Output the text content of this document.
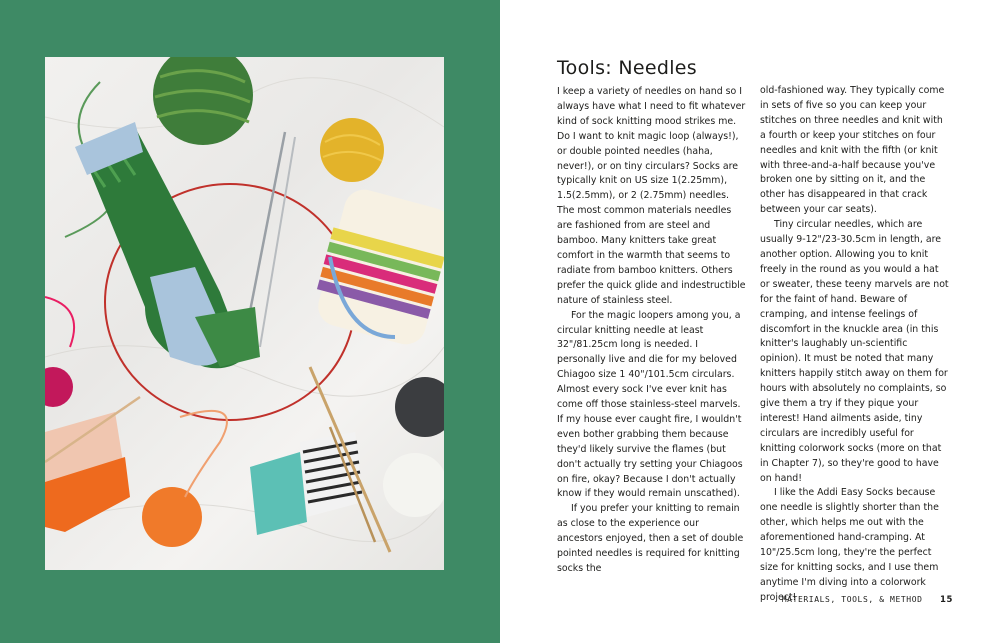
Tools: Needles

I keep a variety of needles on hand so I always have what I need to fit whatever kind of sock knitting mood strikes me. Do I want to knit magic loop (always!), or double pointed needles (haha, never!), or on tiny circulars? Socks are typically knit on US size 1(2.25mm), 1.5(2.5mm), or 2 (2.75mm) needles. The most common materials needles are fashioned from are steel and bamboo. Many knitters take great comfort in the warmth that seems to radiate from bamboo knitters. Others prefer the quick glide and indestructible nature of stainless steel.

For the magic loopers among you, a circular knitting needle at least 32"/81.25cm long is needed. I personally live and die for my beloved Chiagoo size 1 40"/101.5cm circulars. Almost every sock I've ever knit has come off those stainless-steel marvels. If my house ever caught fire, I wouldn't even bother grabbing them because they'd likely survive the flames (but don't actually try setting your Chiagoos on fire, okay? Because I don't actually know if they would remain unscathed).

If you prefer your knitting to remain as close to the experience our ancestors enjoyed, then a set of double pointed needles is required for knitting socks the

old-fashioned way. They typically come in sets of five so you can keep your stitches on three needles and knit with a fourth or keep your stitches on four needles and knit with the fifth (or knit with three-and-a-half because you've broken one by sitting on it, and the other has disappeared in that crack between your car seats).

Tiny circular needles, which are usually 9-12"/23-30.5cm in length, are another option. Allowing you to knit freely in the round as you would a hat or sweater, these teeny marvels are not for the faint of hand. Beware of cramping, and intense feelings of discomfort in the knuckle area (in this knitter's laughably un-scientific opinion). It must be noted that many knitters happily stitch away on them for hours with absolutely no complaints, so give them a try if they pique your interest! Hand ailments aside, tiny circulars are incredibly useful for knitting colorwork socks (more on that in Chapter 7), so they're good to have on hand!

I like the Addi Easy Socks because one needle is slightly shorter than the other, which helps me out with the aforementioned hand-cramping. At 10"/25.5cm long, they're the perfect size for knitting socks, and I use them anytime I'm diving into a colorwork project!

MATERIALS, TOOLS, & METHOD 15
